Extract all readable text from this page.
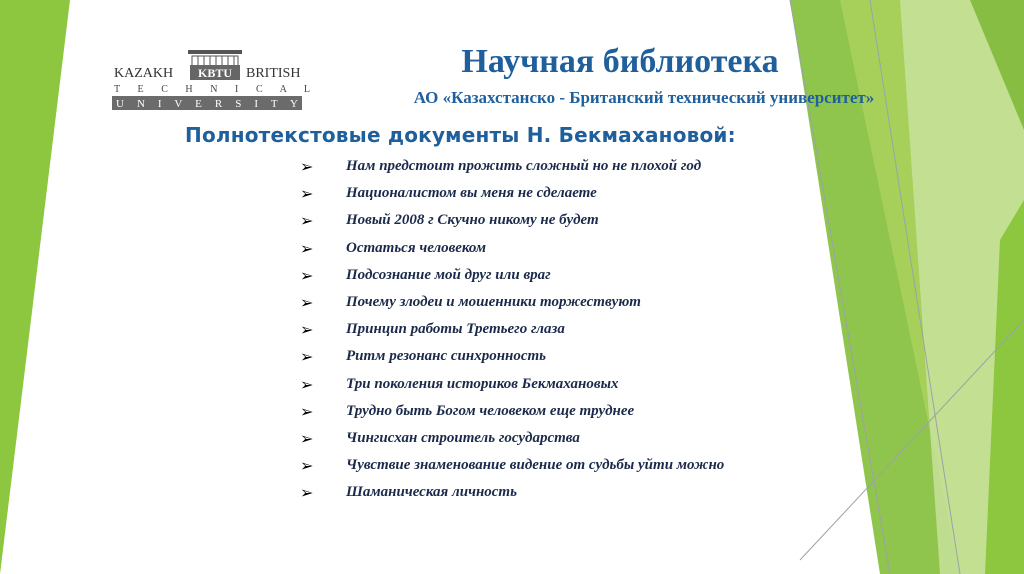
KAZAKH KBTU BRITISH
T E C H N I C A L
U N I V E R S I T Y
Научная библиотека
АО «Казахстанско - Британский технический университет»
Полнотекстовые документы Н. Бекмахановой:
➢	Нам предстоит прожить сложный но не плохой год
➢	Националистом вы меня не сделаете
➢	Новый 2008 г Скучно никому не будет
➢	Остаться человеком
➢	Подсознание мой друг или враг
➢	Почему злодеи и мошенники торжествуют
➢	Принцип работы Третьего глаза
➢	Ритм резонанс синхронность
➢	Три поколения историков Бекмахановых
➢	Трудно быть Богом человеком еще труднее
➢	Чингисхан строитель государства
➢	Чувствие знаменование видение от судьбы уйти можно
➢	Шаманическая личность
